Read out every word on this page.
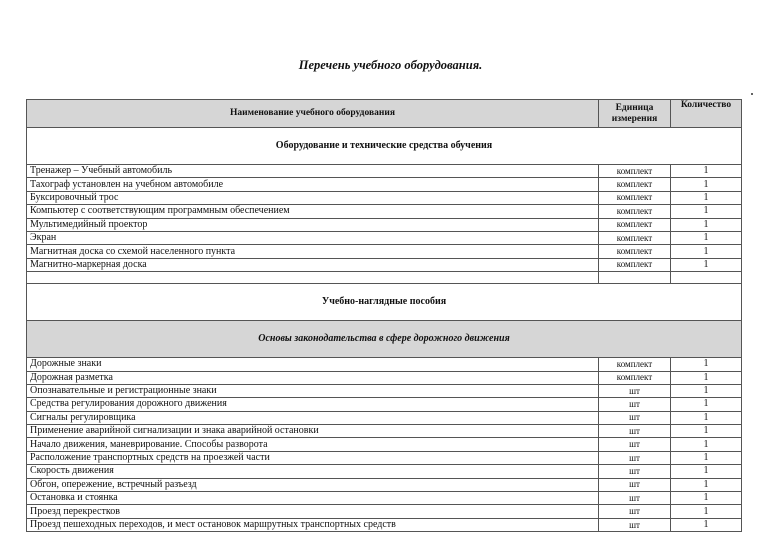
Перечень учебного оборудования.
Наименование учебного оборудования	Единица измерения	Количество
Оборудование и технические средства обучения		
Тренажер – Учебный автомобиль	комплект	1
Тахограф установлен на учебном автомобиле	комплект	1
Буксировочный трос	комплект	1
Компьютер с соответствующим программным обеспечением	комплект	1
Мультимедийный проектор	комплект	1
Экран	комплект	1
Магнитная доска со схемой населенного пункта	комплект	1
Магнитно-маркерная доска	комплект	1

Учебно-наглядные пособия		
Основы законодательства в сфере дорожного движения		
Дорожные знаки	комплект	1
Дорожная разметка	комплект	1
Опознавательные и регистрационные знаки	шт	1
Средства регулирования дорожного движения	шт	1
Сигналы регулировщика	шт	1
Применение аварийной сигнализации и знака аварийной остановки	шт	1
Начало движения, маневрирование. Способы разворота	шт	1
Расположение транспортных средств на проезжей части	шт	1
Скорость движения	шт	1
Обгон, опережение, встречный разъезд	шт	1
Остановка и стоянка	шт	1
Проезд перекрестков	шт	1
Проезд пешеходных переходов, и мест остановок маршрутных транспортных средств	шт	1
